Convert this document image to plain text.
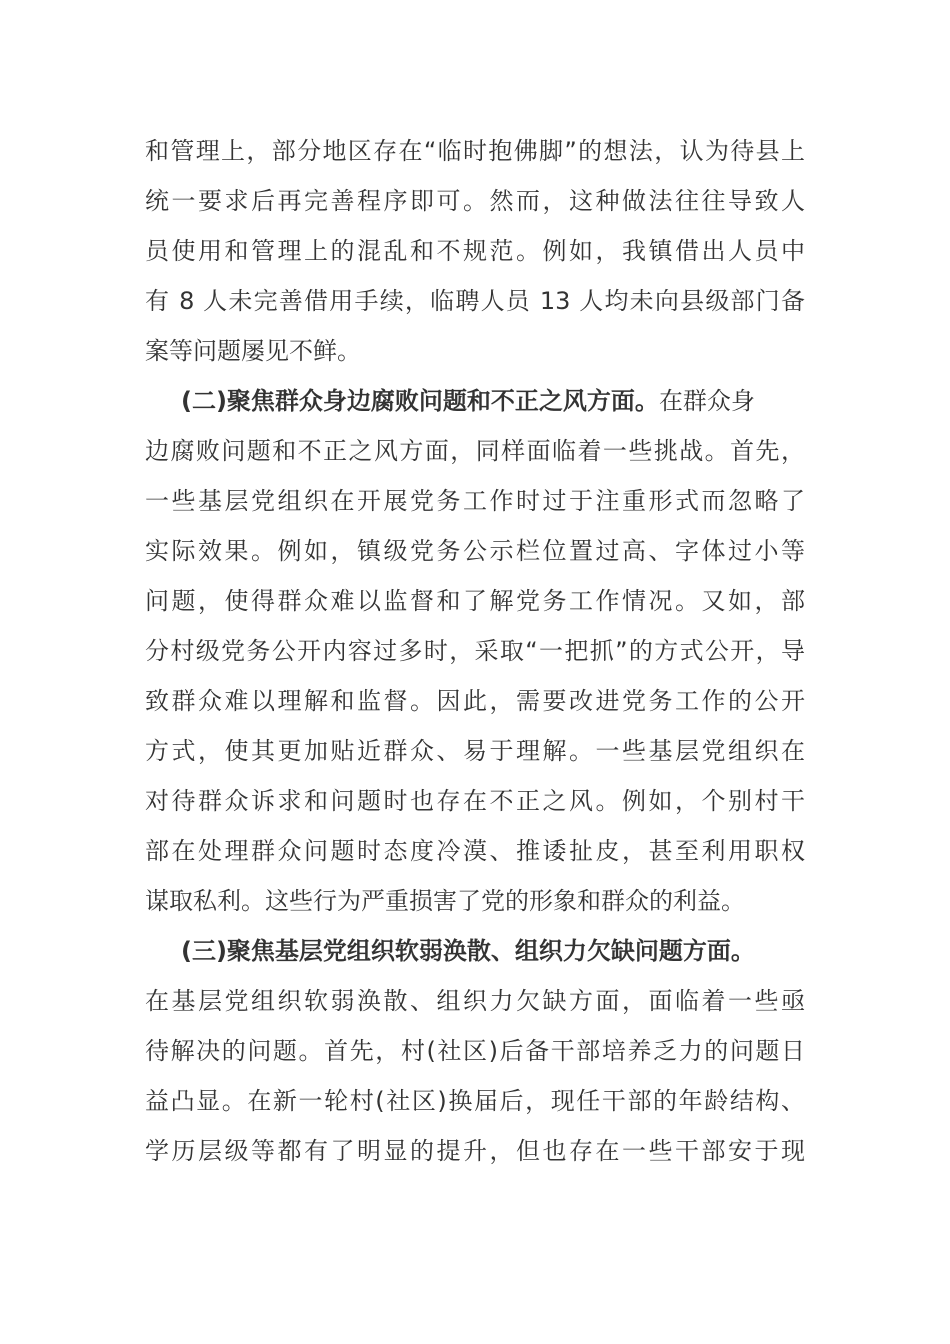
和管理上，部分地区存在“临时抱佛脚”的想法，认为待县上
统一要求后再完善程序即可。然而，这种做法往往导致人
员使用和管理上的混乱和不规范。例如，我镇借出人员中
有 8 人未完善借用手续，临聘人员 13 人均未向县级部门备
案等问题屡见不鲜。
(二)聚焦群众身边腐败问题和不正之风方面。在群众身
边腐败问题和不正之风方面，同样面临着一些挑战。首先，
一些基层党组织在开展党务工作时过于注重形式而忽略了
实际效果。例如，镇级党务公示栏位置过高、字体过小等
问题，使得群众难以监督和了解党务工作情况。又如，部
分村级党务公开内容过多时，采取“一把抓”的方式公开，导
致群众难以理解和监督。因此，需要改进党务工作的公开
方式，使其更加贴近群众、易于理解。一些基层党组织在
对待群众诉求和问题时也存在不正之风。例如，个别村干
部在处理群众问题时态度冷漠、推诿扯皮，甚至利用职权
谋取私利。这些行为严重损害了党的形象和群众的利益。
(三)聚焦基层党组织软弱涣散、组织力欠缺问题方面。
在基层党组织软弱涣散、组织力欠缺方面，面临着一些亟
待解决的问题。首先，村(社区)后备干部培养乏力的问题日
益凸显。在新一轮村(社区)换届后，现任干部的年龄结构、
学历层级等都有了明显的提升，但也存在一些干部安于现
